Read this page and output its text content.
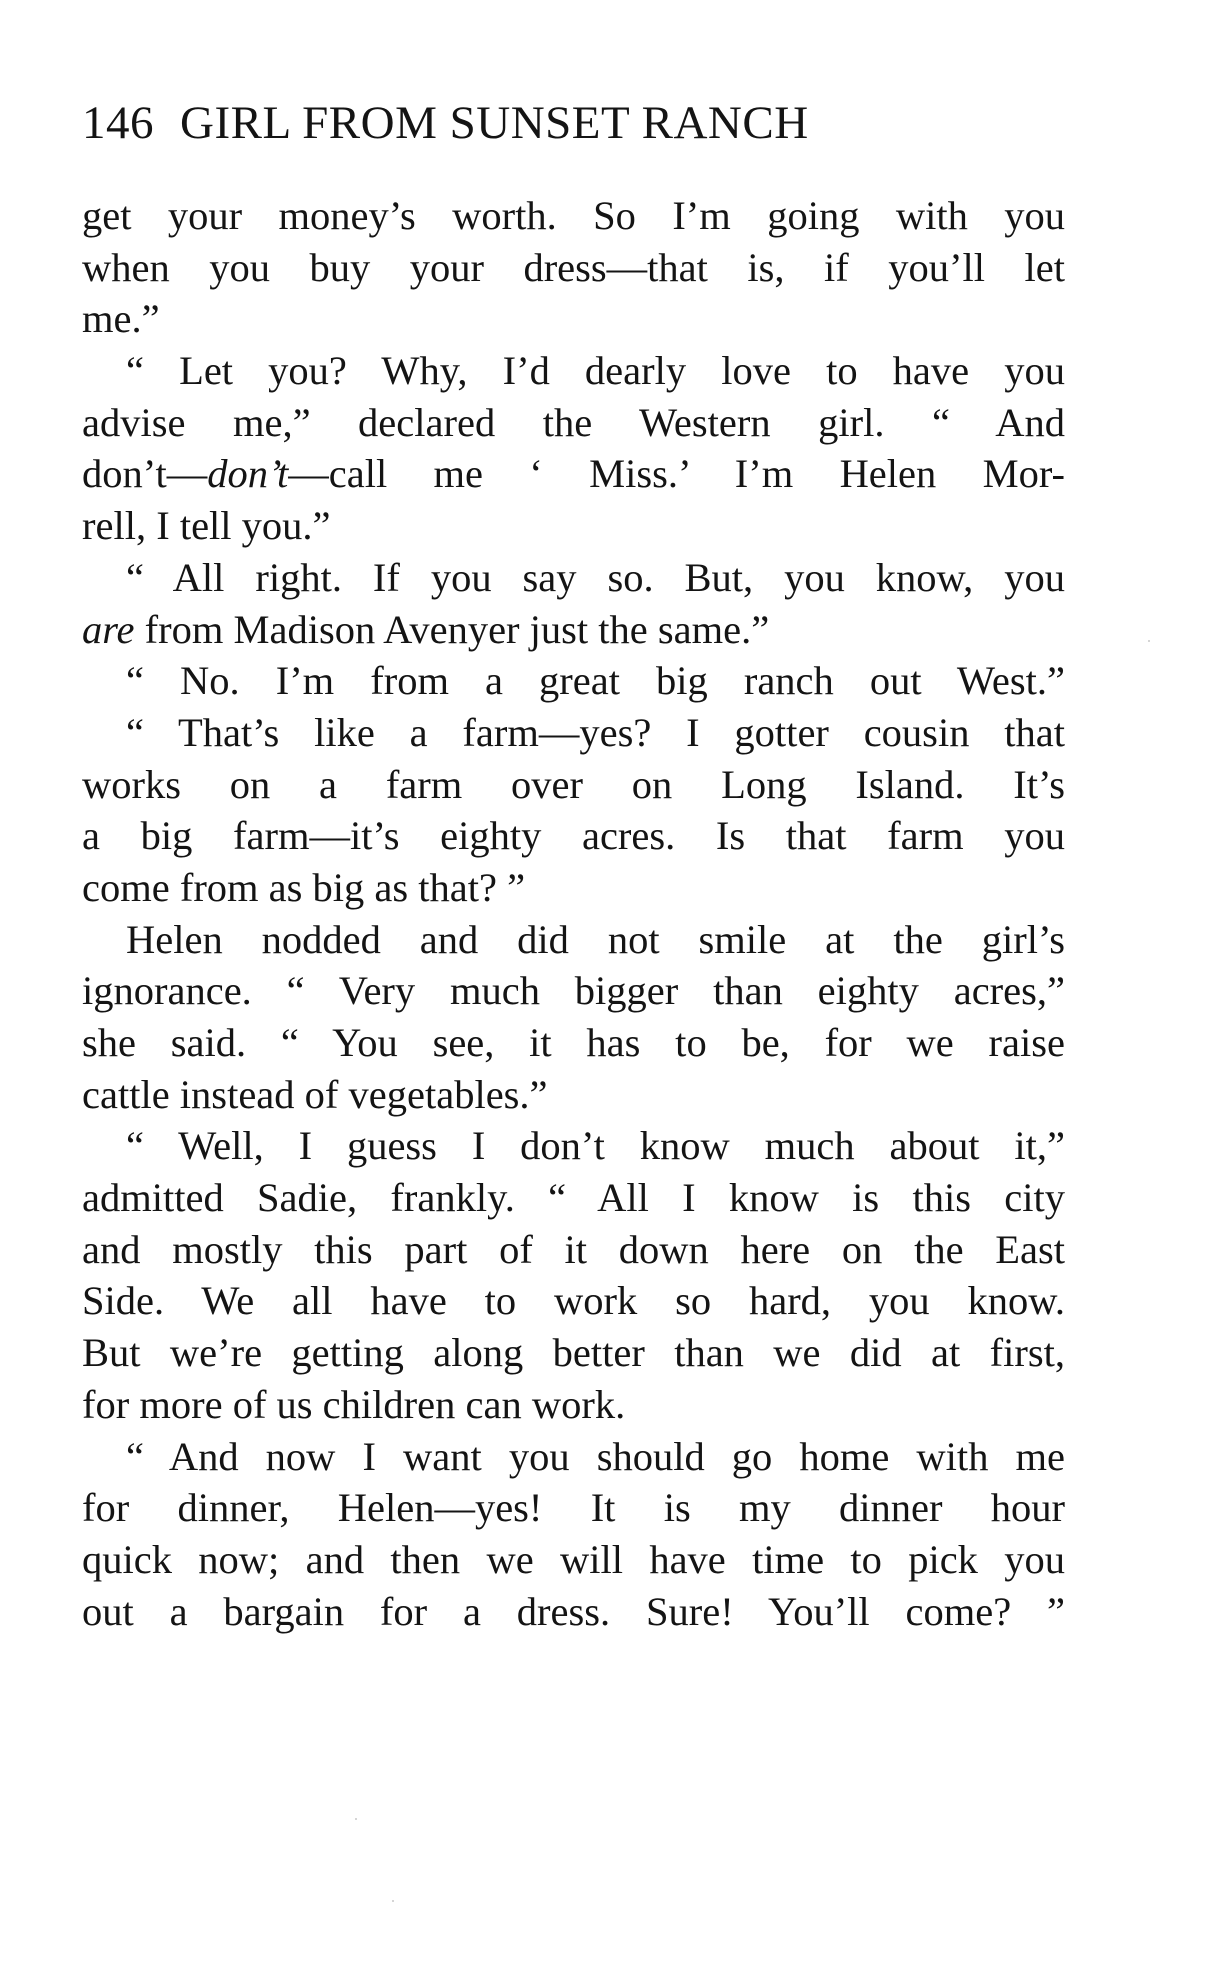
146 GIRL FROM SUNSET RANCH
get your money’s worth. So I’m going with you
when you buy your dress—that is, if you’ll let
me.”
“ Let you? Why, I’d dearly love to have you
advise me,” declared the Western girl. “ And
don’t—don’t—call me ‘ Miss.’ I’m Helen Mor-
rell, I tell you.”
“ All right. If you say so. But, you know, you
are from Madison Avenyer just the same.”
“ No. I’m from a great big ranch out West.”
“ That’s like a farm—yes? I gotter cousin that
works on a farm over on Long Island. It’s
a big farm—it’s eighty acres. Is that farm you
come from as big as that? ”
Helen nodded and did not smile at the girl’s
ignorance. “ Very much bigger than eighty acres,”
she said. “ You see, it has to be, for we raise
cattle instead of vegetables.”
“ Well, I guess I don’t know much about it,”
admitted Sadie, frankly. “ All I know is this city
and mostly this part of it down here on the East
Side. We all have to work so hard, you know.
But we’re getting along better than we did at first,
for more of us children can work.
“ And now I want you should go home with me
for dinner, Helen—yes! It is my dinner hour
quick now; and then we will have time to pick you
out a bargain for a dress. Sure! You’ll come? ”
